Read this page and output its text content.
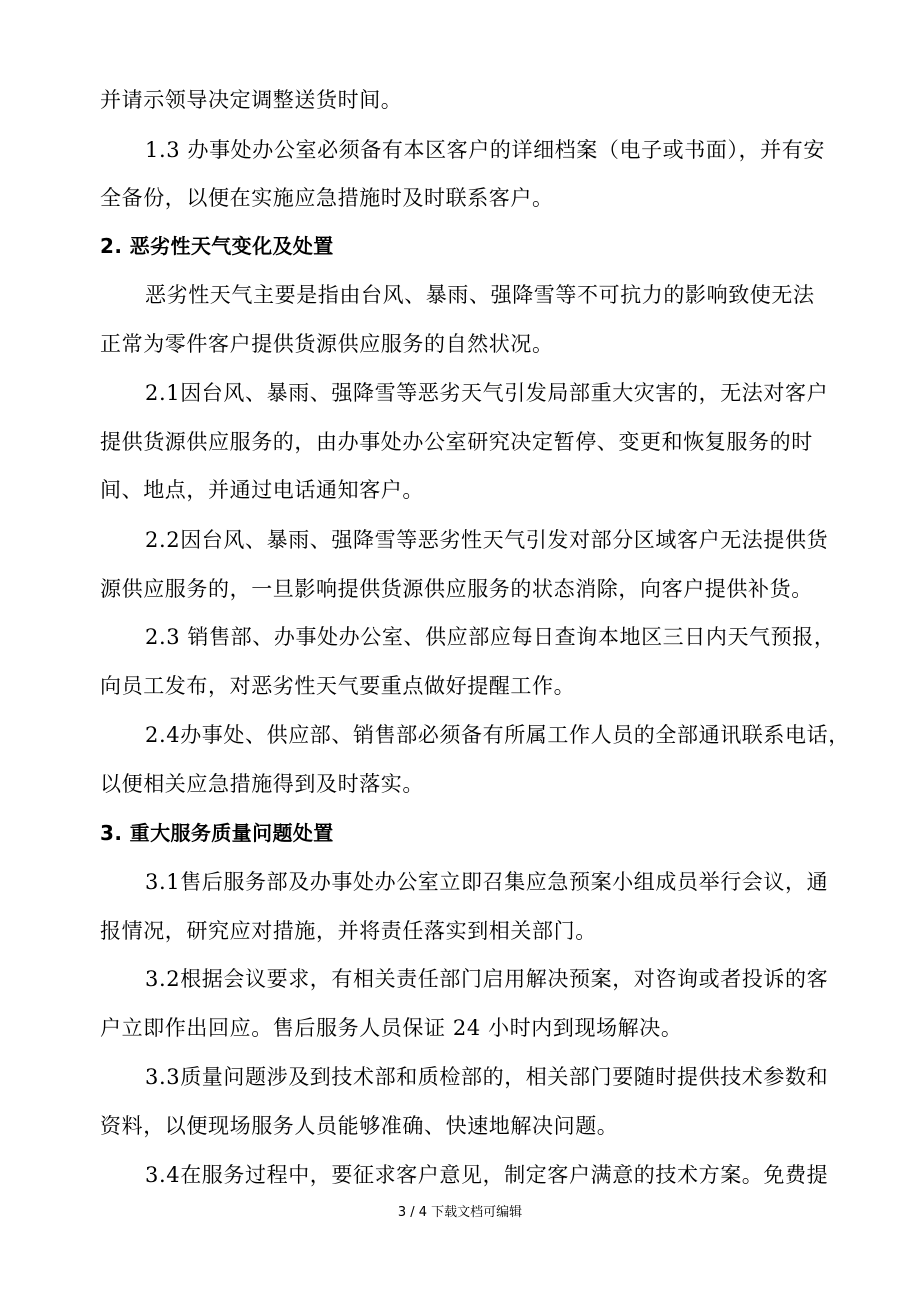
并请示领导决定调整送货时间。
1.3 办事处办公室必须备有本区客户的详细档案（电子或书面），并有安
全备份，以便在实施应急措施时及时联系客户。
2. 恶劣性天气变化及处置
恶劣性天气主要是指由台风、暴雨、强降雪等不可抗力的影响致使无法
正常为零件客户提供货源供应服务的自然状况。
2.1因台风、暴雨、强降雪等恶劣天气引发局部重大灾害的，无法对客户
提供货源供应服务的，由办事处办公室研究决定暂停、变更和恢复服务的时
间、地点，并通过电话通知客户。
2.2因台风、暴雨、强降雪等恶劣性天气引发对部分区域客户无法提供货
源供应服务的，一旦影响提供货源供应服务的状态消除，向客户提供补货。
2.3 销售部、办事处办公室、供应部应每日查询本地区三日内天气预报，
向员工发布，对恶劣性天气要重点做好提醒工作。
2.4办事处、供应部、销售部必须备有所属工作人员的全部通讯联系电话，
以便相关应急措施得到及时落实。
3. 重大服务质量问题处置
3.1售后服务部及办事处办公室立即召集应急预案小组成员举行会议，通
报情况，研究应对措施，并将责任落实到相关部门。
3.2根据会议要求，有相关责任部门启用解决预案，对咨询或者投诉的客
户立即作出回应。售后服务人员保证 24 小时内到现场解决。
3.3质量问题涉及到技术部和质检部的，相关部门要随时提供技术参数和
资料，以便现场服务人员能够准确、快速地解决问题。
3.4在服务过程中，要征求客户意见，制定客户满意的技术方案。免费提
3 / 4 下载文档可编辑
